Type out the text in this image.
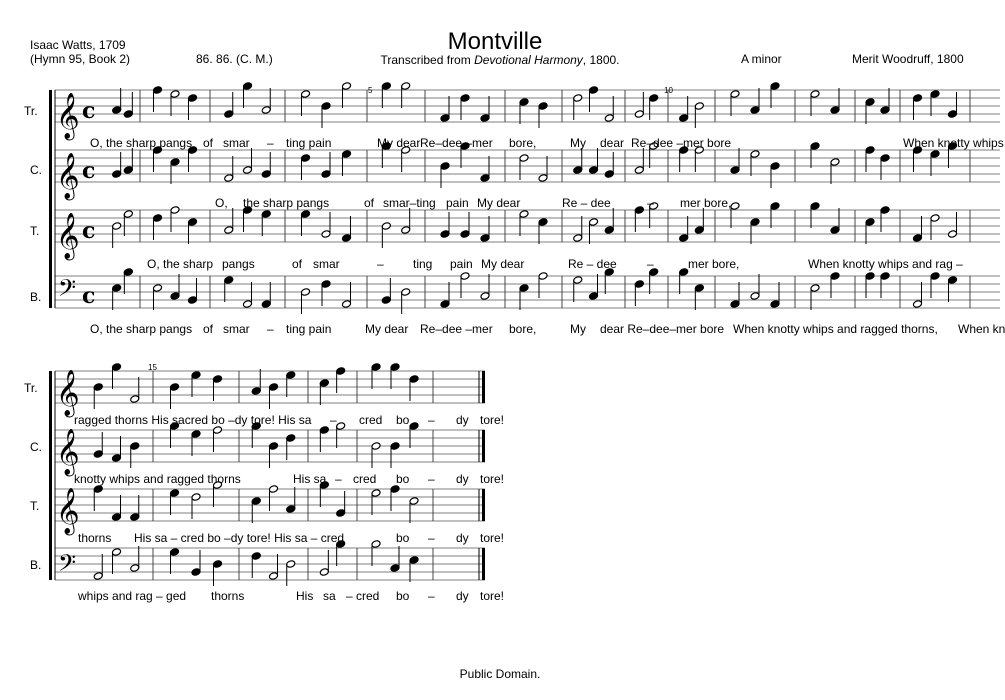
Isaac Watts, 1709
(Hymn 95, Book 2)	86. 86. (C. M.)
Montville
Transcribed from Devotional Harmony, 1800.	A minor	Merit Woodruff, 1800
Tr.
C.
T.
B.
Tr.
C.
T.
B.
𝄞
𝄞
𝄞
𝄢
𝄞
𝄞
𝄞
𝄢
c
c
c
c
5	10
15
O, the sharp pangs of smar – ting pain	My dear Re–dee –mer bore,	My dear Re–dee –mer bore	When knotty whips
O, the sharp pangs	of smar–ting pain My dear	Re – dee	– mer bore,
O, the sharp pangs	of smar	– ting pain My dear	Re – dee	–	mer bore,	When knotty whips and rag –
O, the sharp pangs of smar – ting pain	My dear Re–dee –mer bore,	My dear Re–dee–mer bore When knotty whips and ragged thorns, When kn
ragged thorns His sacred bo –dy tore! His sa – cred bo – dy tore!
knotty whips and ragged thorns	His sa – cred bo – dy tore!
thorns His sa – cred bo –dy tore! His sa – cred	bo – dy tore!
whips and rag – ged thorns	His sa – cred bo – dy tore!
Public Domain.
